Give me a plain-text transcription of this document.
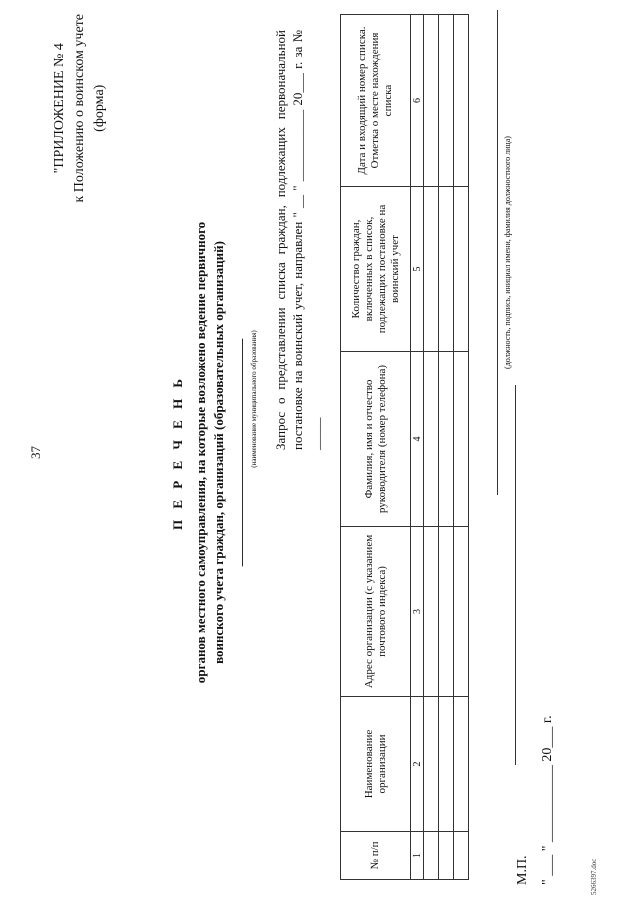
37
"ПРИЛОЖЕНИЕ № 4 к Положению о воинском учете (форма)
П Е Р Е Ч Е Н Ь органов местного самоуправления, на которые возложено ведение первичного воинского учета граждан, организаций (образовательных организаций) ___________________________________ (наименование муниципального образования) Запрос о представлении списка граждан, подлежащих первоначальной постановке на воинский учет, направлен " __ " ___________ 20___ г. за № _____
№ п/п	Наименование организации	Адрес организации (с указанием почтового индекса)	Фамилия, имя и отчество руководителя (номер телефона)	Количество граждан, включенных в список, подлежащих постановке на воинский учет	Дата и входящий номер списка. Отметка о месте нахождения списка
1	2	3	4	5	6

(должность, подпись, инициал имени, фамилия должностного лица)
М.П. " ___ " ___________ 20___ г.	5266397.doc
